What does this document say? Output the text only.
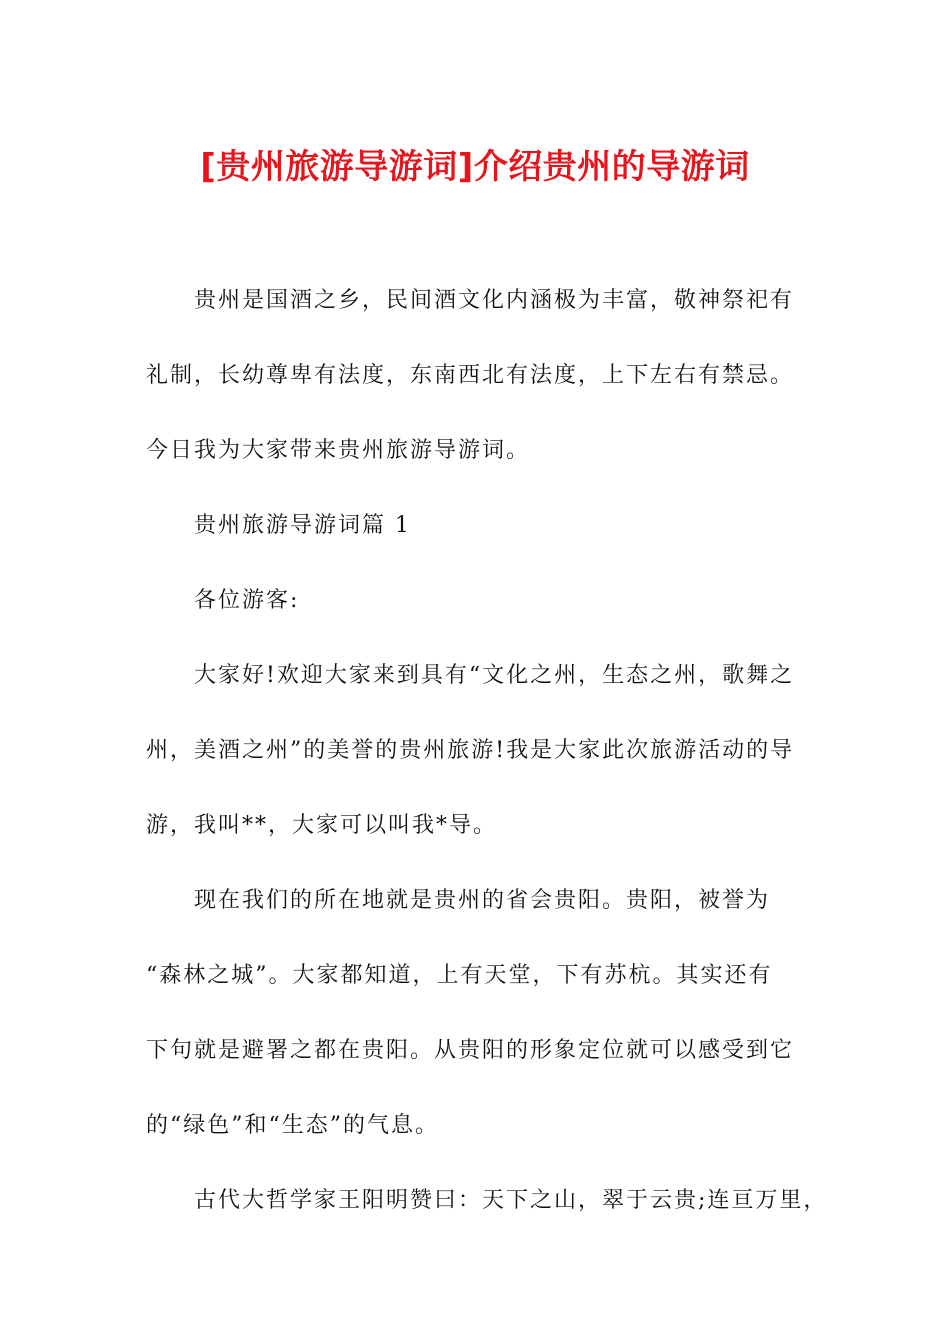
[贵州旅游导游词]介绍贵州的导游词

贵州是国酒之乡，民间酒文化内涵极为丰富，敬神祭祀有

礼制，长幼尊卑有法度，东南西北有法度，上下左右有禁忌。

今日我为大家带来贵州旅游导游词。

贵州旅游导游词篇 1

各位游客:

大家好!欢迎大家来到具有“文化之州，生态之州，歌舞之

州，美酒之州”的美誉的贵州旅游!我是大家此次旅游活动的导

游，我叫**，大家可以叫我*导。

现在我们的所在地就是贵州的省会贵阳。贵阳，被誉为

“森林之城”。大家都知道，上有天堂，下有苏杭。其实还有

下句就是避署之都在贵阳。从贵阳的形象定位就可以感受到它

的“绿色”和“生态”的气息。

古代大哲学家王阳明赞曰：天下之山，翠于云贵;连亘万里，
